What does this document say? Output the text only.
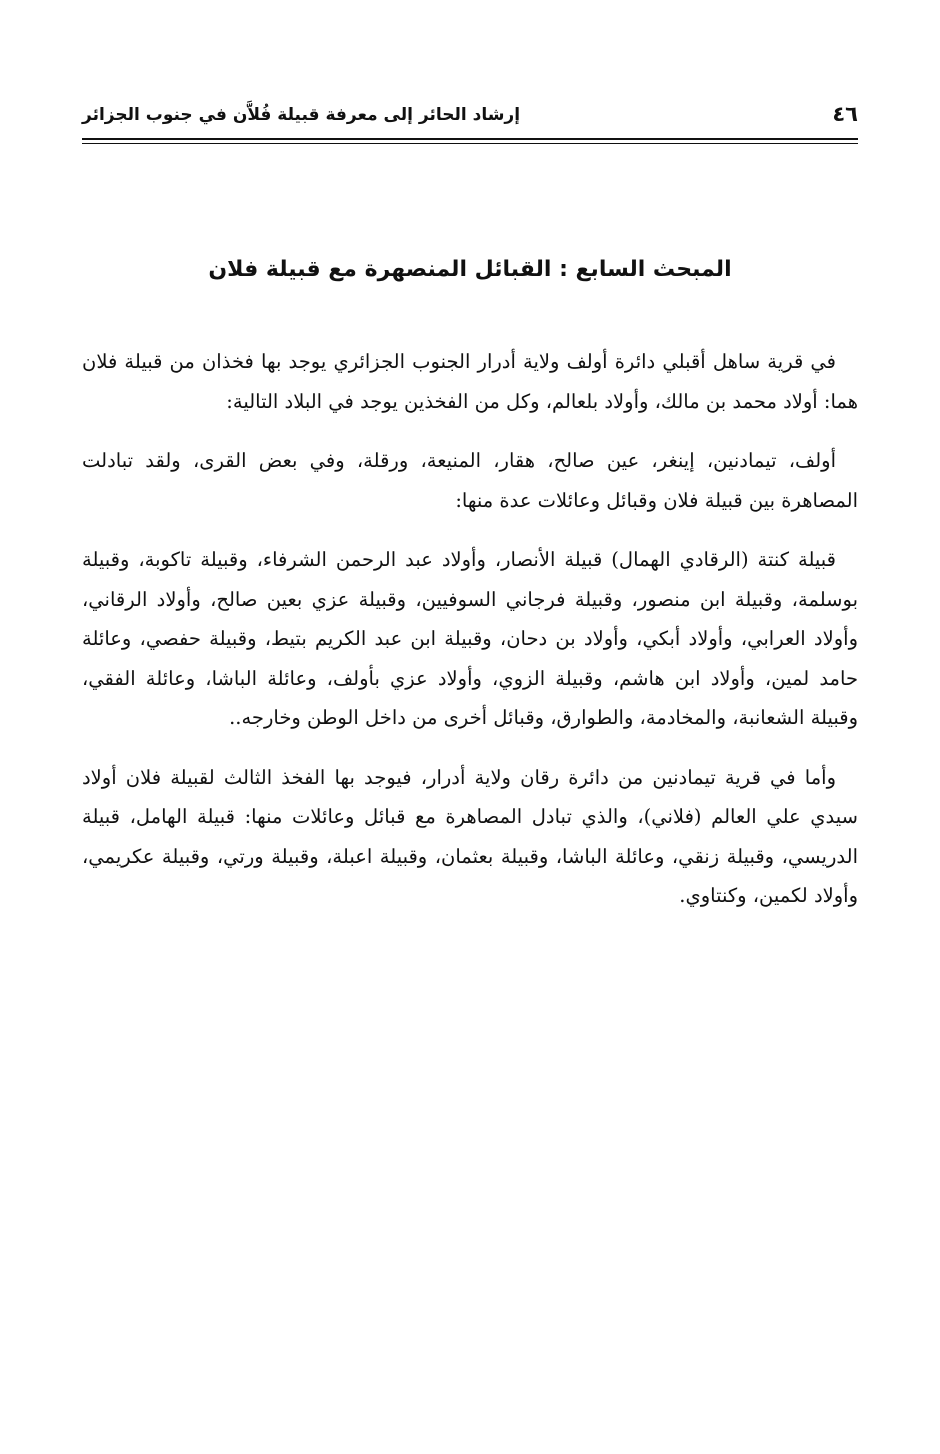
٤٦
إرشاد الحائر إلى معرفة قبيلة فُلاَّن في جنوب الجزائر
المبحث السابع : القبائل المنصهرة مع قبيلة فلان

في قرية ساهل أقبلي دائرة أولف ولاية أدرار الجنوب الجزائري يوجد بها فخذان من قبيلة فلان هما: أولاد محمد بن مالك، وأولاد بلعالم، وكل من الفخذين يوجد في البلاد التالية:

أولف، تيمادنين، إينغر، عين صالح، هقار، المنيعة، ورقلة، وفي بعض القرى، ولقد تبادلت المصاهرة بين قبيلة فلان وقبائل وعائلات عدة منها:

قبيلة كنتة (الرقادي الهمال) قبيلة الأنصار، وأولاد عبد الرحمن الشرفاء، وقبيلة تاكوبة، وقبيلة بوسلمة، وقبيلة ابن منصور، وقبيلة فرجاني السوفيين، وقبيلة عزي بعين صالح، وأولاد الرقاني، وأولاد العرابي، وأولاد أبكي، وأولاد بن دحان، وقبيلة ابن عبد الكريم بتيط، وقبيلة حفصي، وعائلة حامد لمين، وأولاد ابن هاشم، وقبيلة الزوي، وأولاد عزي بأولف، وعائلة الباشا، وعائلة الفقي، وقبيلة الشعانبة، والمخادمة، والطوارق، وقبائل أخرى من داخل الوطن وخارجه..

وأما في قرية تيمادنين من دائرة رقان ولاية أدرار، فيوجد بها الفخذ الثالث لقبيلة فلان أولاد سيدي علي العالم (فلاني)، والذي تبادل المصاهرة مع قبائل وعائلات منها: قبيلة الهامل، قبيلة الدريسي، وقبيلة زنقي، وعائلة الباشا، وقبيلة بعثمان، وقبيلة اعبلة، وقبيلة ورتي، وقبيلة عكريمي، وأولاد لكمين، وكنتاوي.
